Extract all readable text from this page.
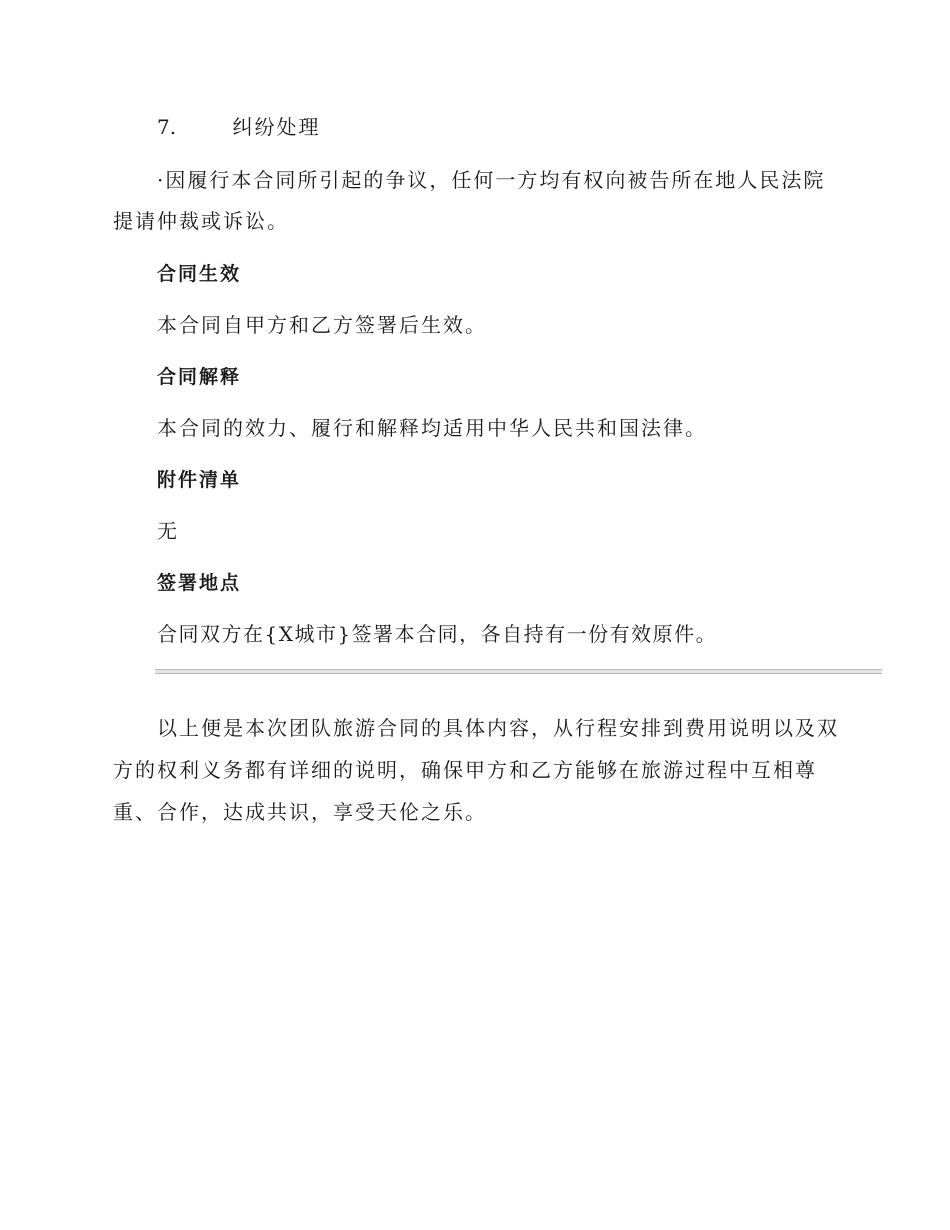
7.	纠纷处理
·因履行本合同所引起的争议，任何一方均有权向被告所在地人民法院
提请仲裁或诉讼。
合同生效
本合同自甲方和乙方签署后生效。
合同解释
本合同的效力、履行和解释均适用中华人民共和国法律。
附件清单
无
签署地点
合同双方在{X城市}签署本合同，各自持有一份有效原件。
以上便是本次团队旅游合同的具体内容，从行程安排到费用说明以及双
方的权利义务都有详细的说明，确保甲方和乙方能够在旅游过程中互相尊
重、合作，达成共识，享受天伦之乐。
